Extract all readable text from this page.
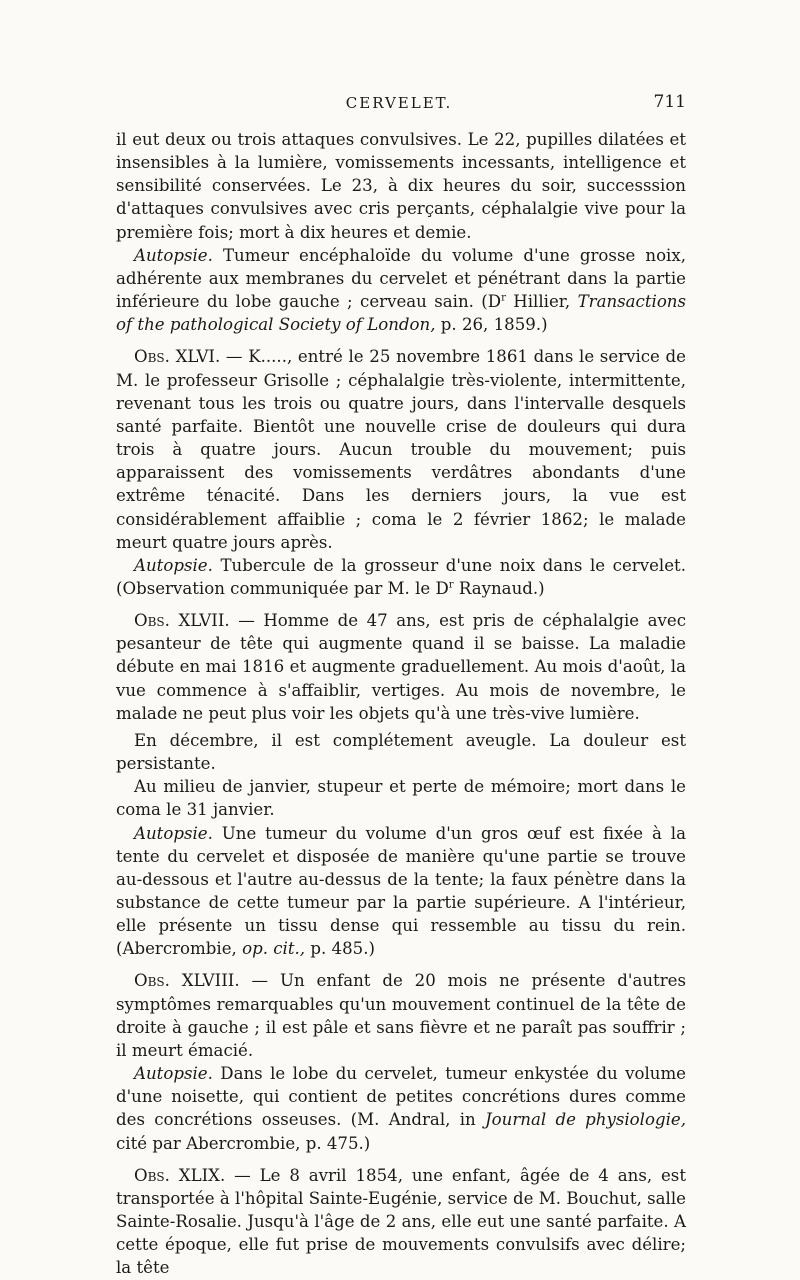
CERVELET.	711

il eut deux ou trois attaques convulsives. Le 22, pupilles dilatées et insensibles à la lumière, vomissements incessants, intelligence et sensibilité conservées. Le 23, à dix heures du soir, successsion d'attaques convulsives avec cris perçants, céphalalgie vive pour la première fois; mort à dix heures et demie.

Autopsie. Tumeur encéphaloïde du volume d'une grosse noix, adhérente aux membranes du cervelet et pénétrant dans la partie inférieure du lobe gauche ; cerveau sain. ($D^r$ Hillier, Transactions of the pathological Society of London, p. 26, 1859.)

Obs. XLVI. — K....., entré le 25 novembre 1861 dans le service de M. le professeur Grisolle ; céphalalgie très-violente, intermittente, revenant tous les trois ou quatre jours, dans l'intervalle desquels santé parfaite. Bientôt une nouvelle crise de douleurs qui dura trois à quatre jours. Aucun trouble du mouvement; puis apparaissent des vomissements verdâtres abondants d'une extrême ténacité. Dans les derniers jours, la vue est considérablement affaiblie ; coma le 2 février 1862; le malade meurt quatre jours après.

Autopsie. Tubercule de la grosseur d'une noix dans le cervelet. (Observation communiquée par M. le $D^r$ Raynaud.)

Obs. XLVII. — Homme de 47 ans, est pris de céphalalgie avec pesanteur de tête qui augmente quand il se baisse. La maladie débute en mai 1816 et augmente graduellement. Au mois d'août, la vue commence à s'affaiblir, vertiges. Au mois de novembre, le malade ne peut plus voir les objets qu'à une très-vive lumière.

En décembre, il est complétement aveugle. La douleur est persistante.

Au milieu de janvier, stupeur et perte de mémoire; mort dans le coma le 31 janvier.

Autopsie. Une tumeur du volume d'un gros œuf est fixée à la tente du cervelet et disposée de manière qu'une partie se trouve au-dessous et l'autre au-dessus de la tente; la faux pénètre dans la substance de cette tumeur par la partie supérieure. A l'intérieur, elle présente un tissu dense qui ressemble au tissu du rein. (Abercrombie, op. cit., p. 485.)

Obs. XLVIII. — Un enfant de 20 mois ne présente d'autres symptômes remarquables qu'un mouvement continuel de la tête de droite à gauche ; il est pâle et sans fièvre et ne paraît pas souffrir ; il meurt émacié.

Autopsie. Dans le lobe du cervelet, tumeur enkystée du volume d'une noisette, qui contient de petites concrétions dures comme des concrétions osseuses. (M. Andral, in Journal de physiologie, cité par Abercrombie, p. 475.)

Obs. XLIX. — Le 8 avril 1854, une enfant, âgée de 4 ans, est transportée à l'hôpital Sainte-Eugénie, service de M. Bouchut, salle Sainte-Rosalie. Jusqu'à l'âge de 2 ans, elle eut une santé parfaite. A cette époque, elle fut prise de mouvements convulsifs avec délire; la tête
